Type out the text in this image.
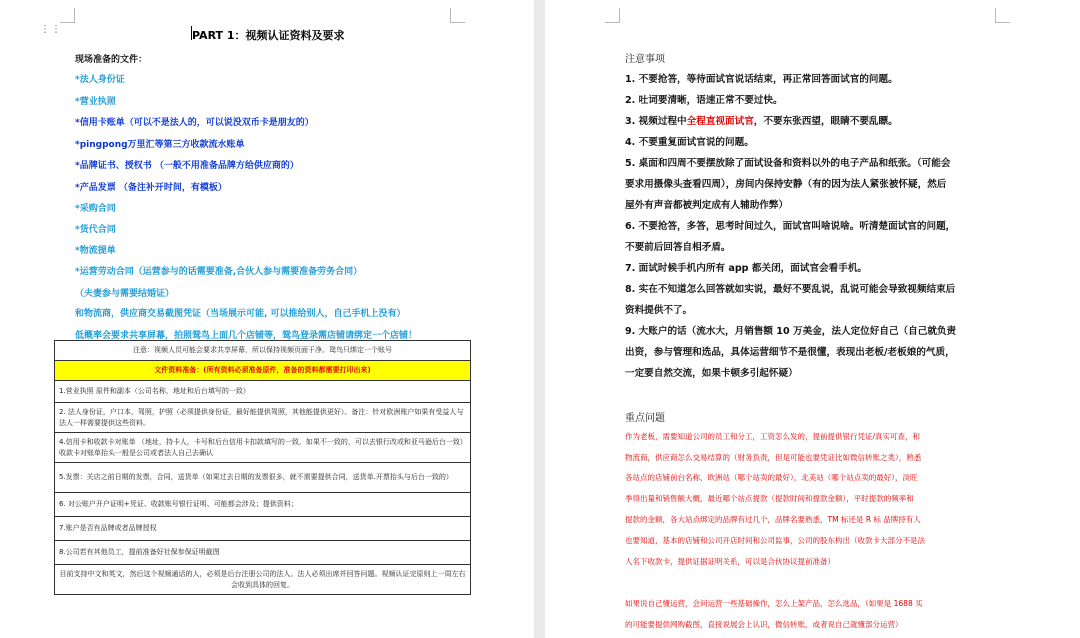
⋮⋮	PART 1：视频认证资料及要求
现场准备的文件：
*法人身份证
*营业执照
*信用卡账单（可以不是法人的，可以说没双币卡是朋友的）
*pingpong万里汇等第三方收款流水账单
*品牌证书、授权书 （一般不用准备品牌方给供应商的）
*产品发票 （备注补开时间，有模板）
*采购合同
*货代合同
*物流提单
*运营劳动合同（运营参与的话需要准备,合伙人参与需要准备劳务合同）
（夫妻参与需要结婚证）
和物流商，供应商交易截图凭证（当场展示可能, 可以推给别人，自己手机上没有）
低概率会要求共享屏幕，拍照鸳鸟上面几个店铺等，鸳鸟登录需店铺请绑定一个店铺！
注意：视频人员可能会要求共享屏幕，所以保持视频页面干净。鸳鸟只绑定一个账号
文件资料准备：(所有资料必须准备原件，准备的资料都需要打印出来)
1.营业执照 原件和副本（公司名称，地址和后台填写的一致）
2. 法人身份证，户口本，驾照，护照（必须提供身份证，最好能提供驾照，其他能提供更好）。备注：针对欧洲账户如果有受益人与法人一样需要提供这些资料。
4.信用卡和收款卡对账单 （地址，持卡人，卡号和后台信用卡扣款填写的一致，如果不一致的，可以去银行改或和亚马逊后台一致）收款卡对账单抬头一般是公司或者法人自己去确认
5.发票：关店之前日期的发票，合同，送货单（如果过去日期的发票很多，就不需要提供合同，送货单.开票抬头与后台一致的）
6. 对公账户开户证明+凭证、收款账号银行证明、可能都会涉及；提供资料；
7.账户是否有品牌或者品牌授权
8.公司若有其他员工，提前准备好社保参保证明截图
目前支持中文和英文，然后这个视频通话的人，必须是后台注册公司的法人。法人必须出席并回答问题。视频认证完原则上一周左右会收到具体的回复。
注意事项
1. 不要抢答，等待面试官说话结束，再正常回答面试官的问题。
2. 吐词要清晰，语速正常不要过快。
3. 视频过程中全程直视面试官，不要东张西望，眼睛不要乱瞟。
4. 不要重复面试官说的问题。
5. 桌面和四周不要摆放除了面试设备和资料以外的电子产品和纸张。（可能会
要求用摄像头查看四周），房间内保持安静（有的因为法人紧张被怀疑，然后
屋外有声音都被判定成有人辅助作弊）
6. 不要抢答，多答，思考时间过久，面试官叫啥说啥。听清楚面试官的问题，
不要前后回答自相矛盾。
7. 面试时候手机内所有 app 都关闭，面试官会看手机。
8. 实在不知道怎么回答就如实说，最好不要乱说，乱说可能会导致视频结束后
资料提供不了。
9. 大账户的话（流水大，月销售额 10 万美金，法人定位好自己（自己就负责
出资，参与管理和选品，具体运营细节不是很懂，表现出老板/老板娘的气质，
一定要自然交流，如果卡顿多引起怀疑）
重点问题
作为老板，需要知道公司的员工和分工，工资怎么发的，提前提供银行凭证/真实可查，和
物流商，供应商怎么交易结算的（财务负责，但是可能也要凭证比如微信转账之类），熟悉
各站点的店铺前台名称，欧洲站（哪个站卖的最好），北美站（哪个站点卖的最好），淡旺
季得出量和销售额大概，最近哪个站点提款（提款时间和提款金额），平时提款的频率和
提款的金额，各大站点绑定的品牌有过几个，品牌名要熟悉，TM 标还是 R 标 品牌持有人
也要知道，基本的店铺和公司开店时间和公司监事，公司的股东构出（收款卡大部分不是法
人名下收款卡，提供证据证明关系，可以是合伙协议提前准备）
如果说自己懂运营，会问运营一些基础操作，怎么上架产品，怎么选品，（如果是 1688 买
的可能要提供网购截图，直接说展会上认识，微信转账，或者说自己就懂部分运营）
